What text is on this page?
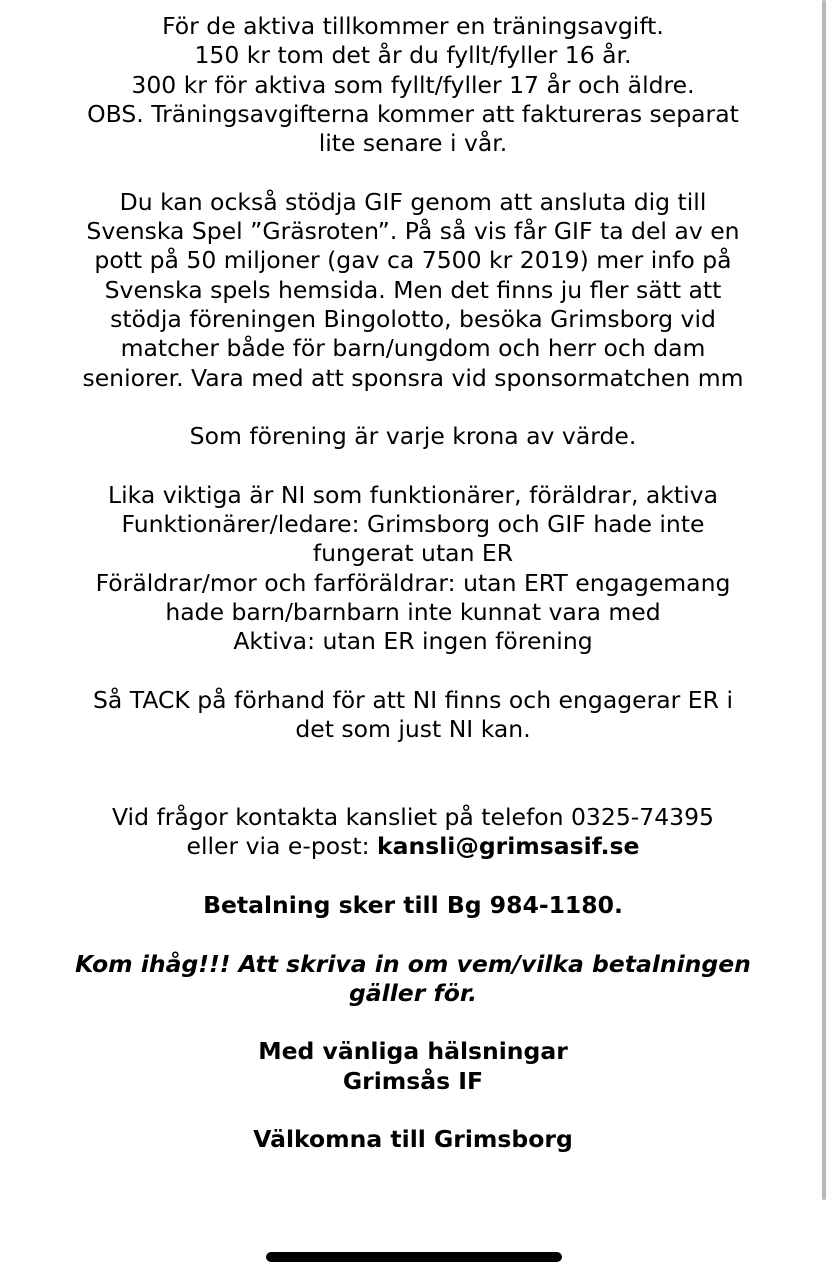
För de aktiva tillkommer en träningsavgift.
150 kr tom det år du fyllt/fyller 16 år.
300 kr för aktiva som fyllt/fyller 17 år och äldre.
OBS. Träningsavgifterna kommer att faktureras separat
lite senare i vår.
Du kan också stödja GIF genom att ansluta dig till
Svenska Spel ”Gräsroten”. På så vis får GIF ta del av en
pott på 50 miljoner (gav ca 7500 kr 2019) mer info på
Svenska spels hemsida. Men det finns ju fler sätt att
stödja föreningen Bingolotto, besöka Grimsborg vid
matcher både för barn/ungdom och herr och dam
seniorer. Vara med att sponsra vid sponsormatchen mm
Som förening är varje krona av värde.
Lika viktiga är NI som funktionärer, föräldrar, aktiva
Funktionärer/ledare: Grimsborg och GIF hade inte
fungerat utan ER
Föräldrar/mor och farföräldrar: utan ERT engagemang
hade barn/barnbarn inte kunnat vara med
Aktiva: utan ER ingen förening
Så TACK på förhand för att NI finns och engagerar ER i
det som just NI kan.
Vid frågor kontakta kansliet på telefon 0325-74395
eller via e-post: kansli@grimsasif.se
Betalning sker till Bg 984-1180.
Kom ihåg!!! Att skriva in om vem/vilka betalningen
gäller för.
Med vänliga hälsningar
Grimsås IF
Välkomna till Grimsborg
